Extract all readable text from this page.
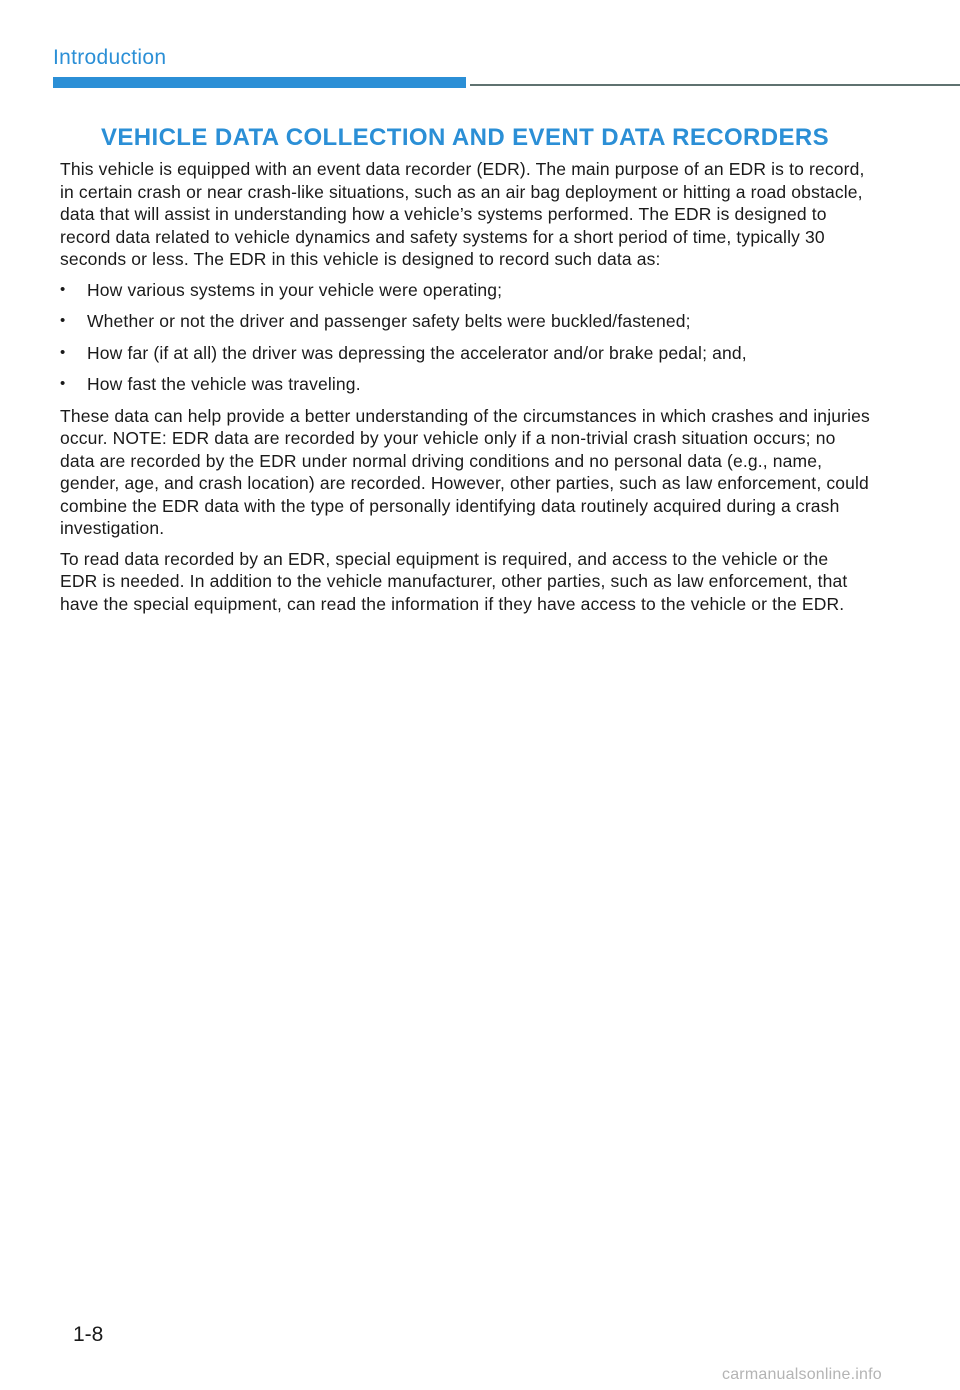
Introduction
VEHICLE DATA COLLECTION AND EVENT DATA RECORDERS

This vehicle is equipped with an event data recorder (EDR). The main purpose of an EDR is to record, in certain crash or near crash-like situations, such as an air bag deployment or hitting a road obstacle, data that will assist in understanding how a vehicle’s systems performed. The EDR is designed to record data related to vehicle dynamics and safety systems for a short period of time, typically 30 seconds or less. The EDR in this vehicle is designed to record such data as:

• How various systems in your vehicle were operating;
• Whether or not the driver and passenger safety belts were buckled/fastened;
• How far (if at all) the driver was depressing the accelerator and/or brake pedal; and,
• How fast the vehicle was traveling.

These data can help provide a better understanding of the circumstances in which crashes and injuries occur. NOTE: EDR data are recorded by your vehicle only if a non-trivial crash situation occurs; no data are recorded by the EDR under normal driving conditions and no personal data (e.g., name, gender, age, and crash location) are recorded. However, other parties, such as law enforcement, could combine the EDR data with the type of personally identifying data routinely acquired during a crash investigation.

To read data recorded by an EDR, special equipment is required, and access to the vehicle or the EDR is needed. In addition to the vehicle manufacturer, other parties, such as law enforcement, that have the special equipment, can read the information if they have access to the vehicle or the EDR.

1-8
carmanualsonline.info
